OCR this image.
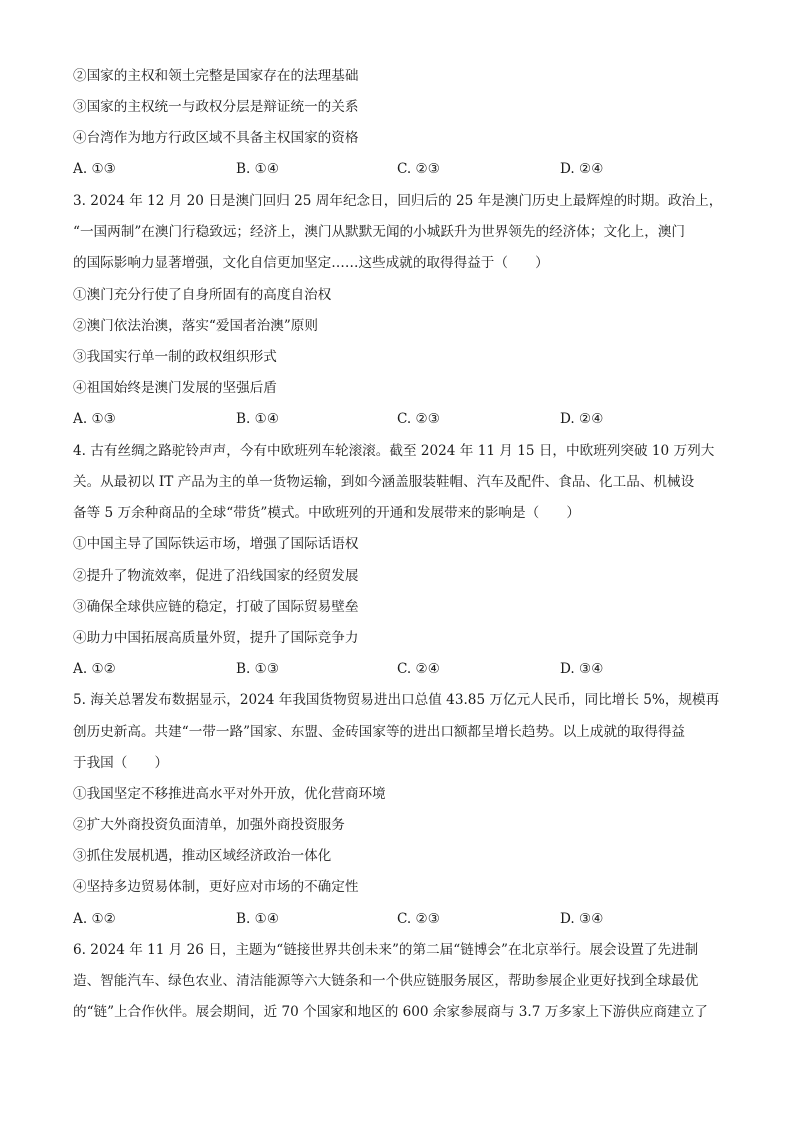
②国家的主权和领土完整是国家存在的法理基础
③国家的主权统一与政权分层是辩证统一的关系
④台湾作为地方行政区域不具备主权国家的资格
A. ①③	B. ①④	C. ②③	D. ②④
3. 2024 年 12 月 20 日是澳门回归 25 周年纪念日，回归后的 25 年是澳门历史上最辉煌的时期。政治上，
“一国两制”在澳门行稳致远；经济上，澳门从默默无闻的小城跃升为世界领先的经济体；文化上，澳门
的国际影响力显著增强，文化自信更加坚定……这些成就的取得得益于（　　）
①澳门充分行使了自身所固有的高度自治权
②澳门依法治澳，落实“爱国者治澳”原则
③我国实行单一制的政权组织形式
④祖国始终是澳门发展的坚强后盾
A. ①③	B. ①④	C. ②③	D. ②④
4. 古有丝绸之路驼铃声声，今有中欧班列车轮滚滚。截至 2024 年 11 月 15 日，中欧班列突破 10 万列大
关。从最初以 IT 产品为主的单一货物运输，到如今涵盖服装鞋帽、汽车及配件、食品、化工品、机械设
备等 5 万余种商品的全球“带货”模式。中欧班列的开通和发展带来的影响是（　　）
①中国主导了国际铁运市场，增强了国际话语权
②提升了物流效率，促进了沿线国家的经贸发展
③确保全球供应链的稳定，打破了国际贸易壁垒
④助力中国拓展高质量外贸，提升了国际竞争力
A. ①②	B. ①③	C. ②④	D. ③④
5. 海关总署发布数据显示，2024 年我国货物贸易进出口总值 43.85 万亿元人民币，同比增长 5%，规模再
创历史新高。共建“一带一路”国家、东盟、金砖国家等的进出口额都呈增长趋势。以上成就的取得得益
于我国（　　）
①我国坚定不移推进高水平对外开放，优化营商环境
②扩大外商投资负面清单，加强外商投资服务
③抓住发展机遇，推动区域经济政治一体化
④坚持多边贸易体制，更好应对市场的不确定性
A. ①②	B. ①④	C. ②③	D. ③④
6. 2024 年 11 月 26 日，主题为“链接世界共创未来”的第二届“链博会”在北京举行。展会设置了先进制
造、智能汽车、绿色农业、清洁能源等六大链条和一个供应链服务展区，帮助参展企业更好找到全球最优
的“链”上合作伙伴。展会期间，近 70 个国家和地区的 600 余家参展商与 3.7 万多家上下游供应商建立了
